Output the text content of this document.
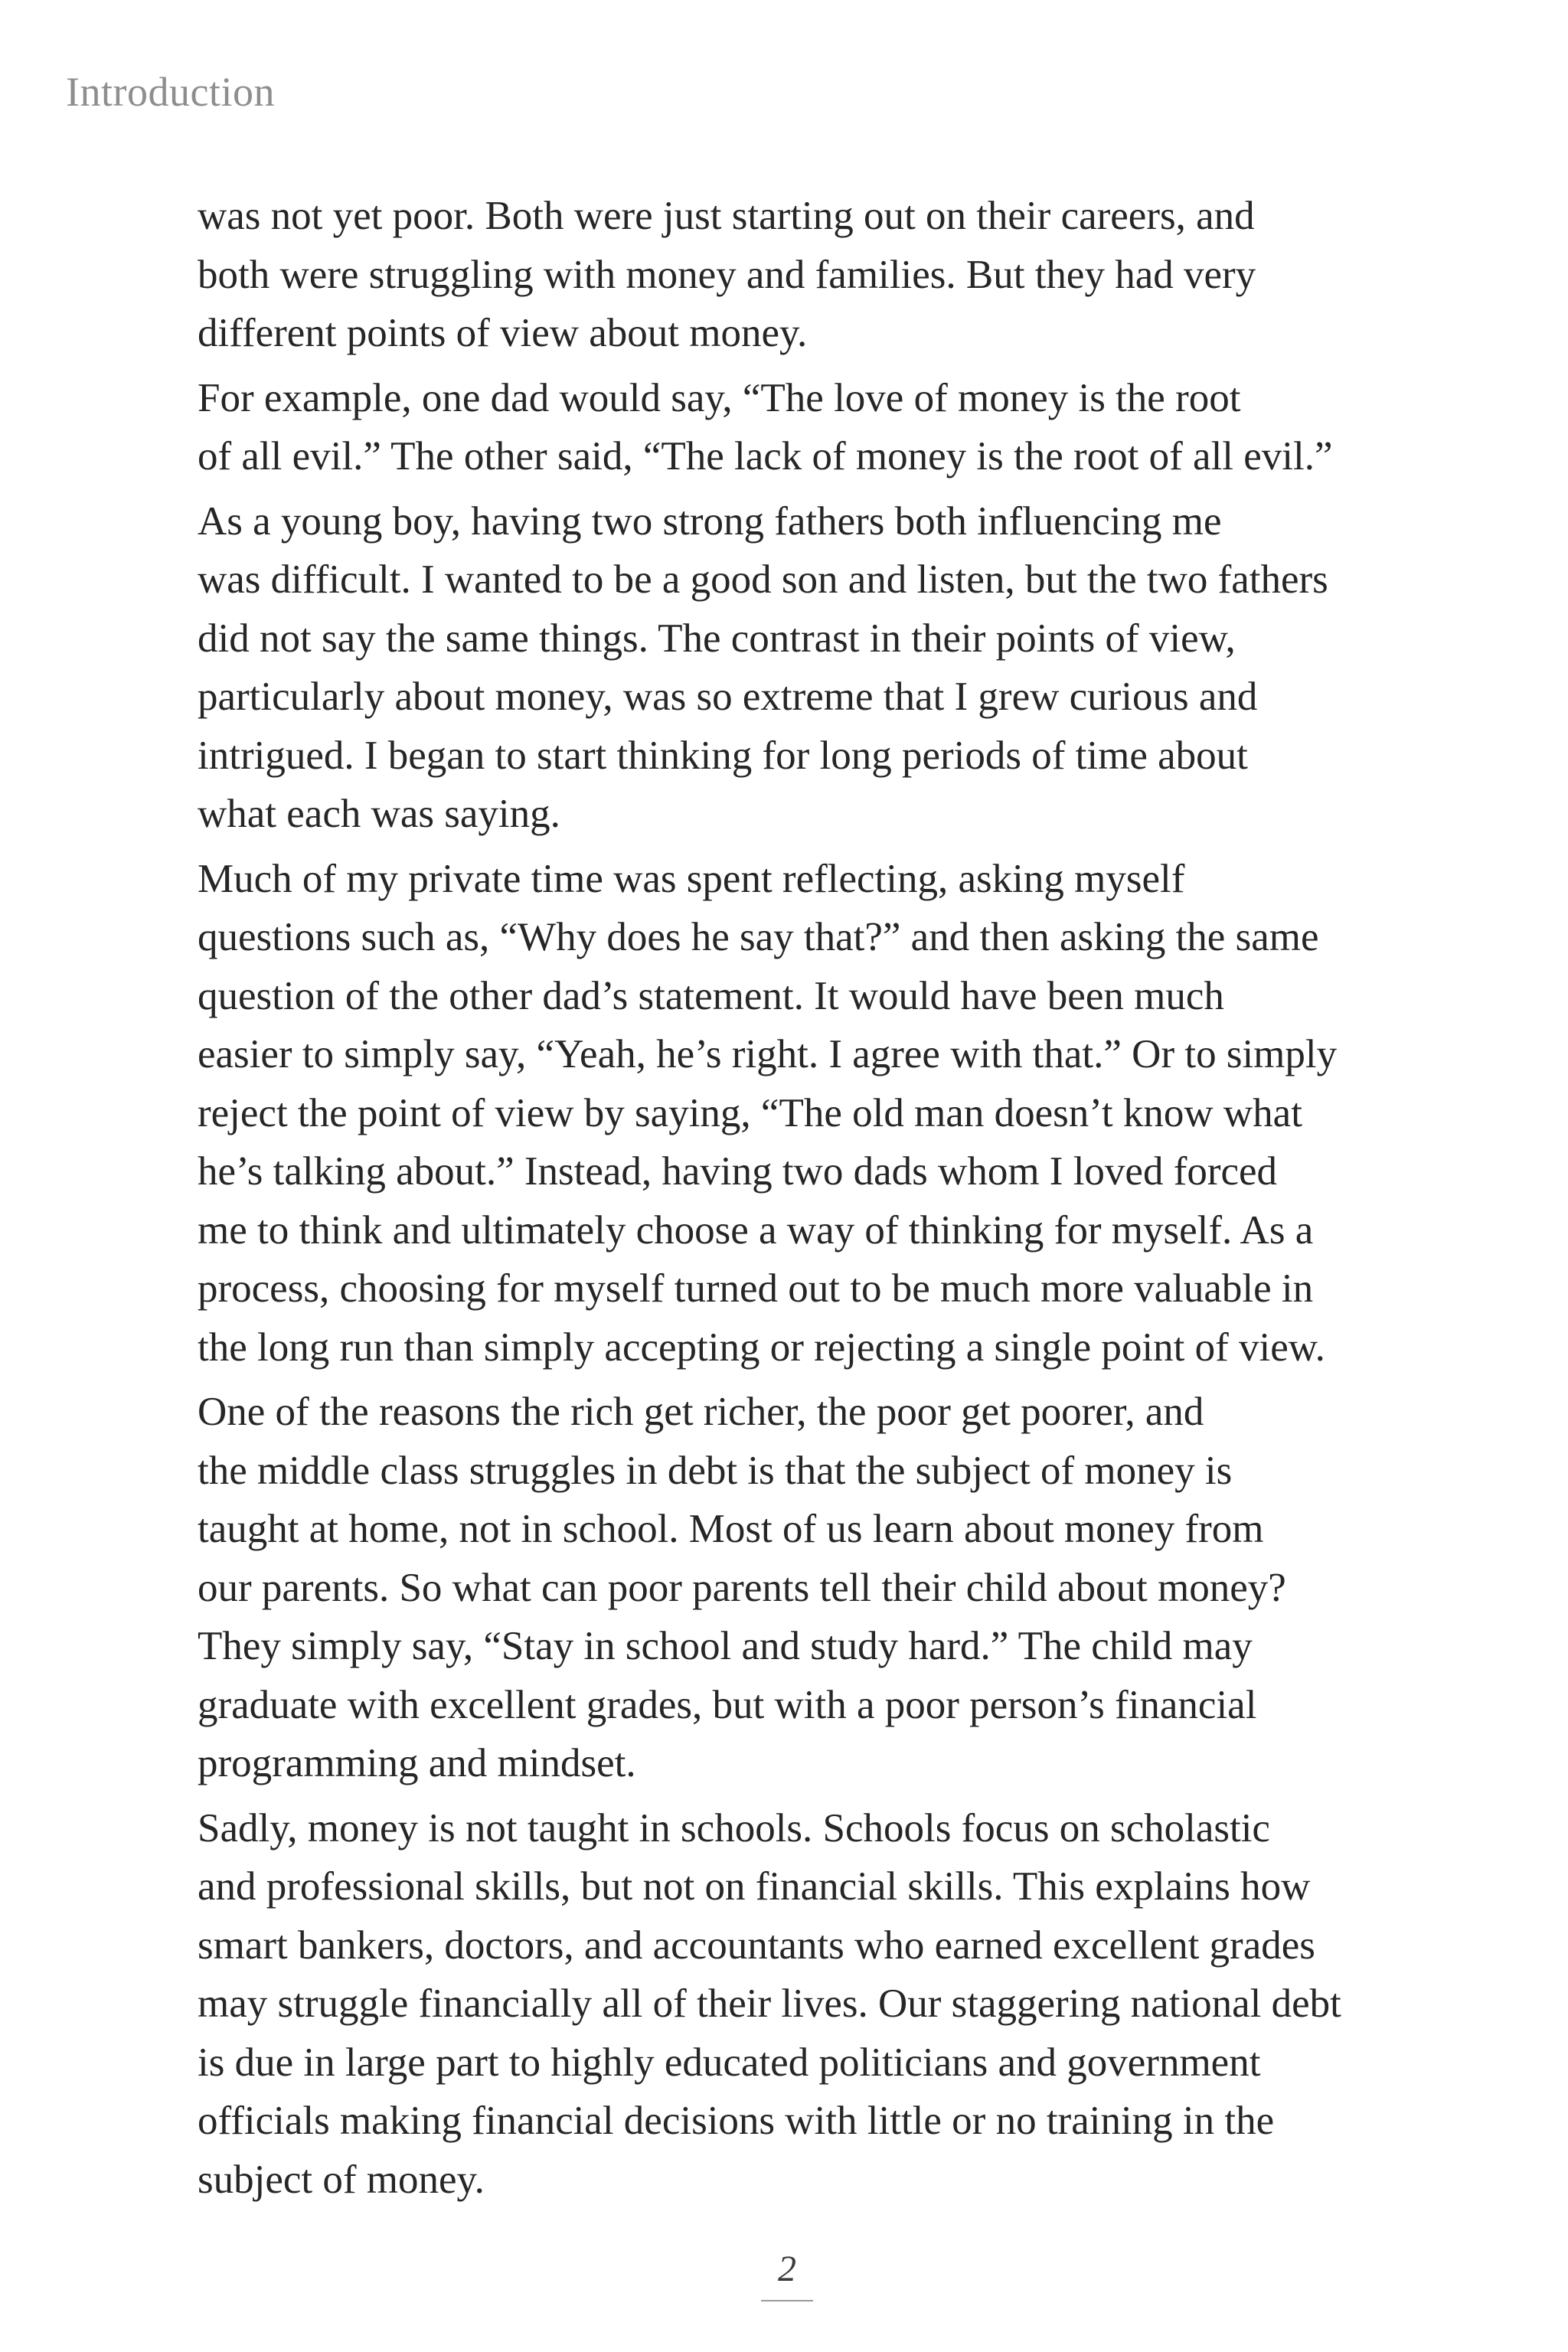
Introduction

was not yet poor. Both were just starting out on their careers, and
both were struggling with money and families. But they had very
different points of view about money.

For example, one dad would say, “The love of money is the root
of all evil.” The other said, “The lack of money is the root of all evil.”

As a young boy, having two strong fathers both influencing me
was difficult. I wanted to be a good son and listen, but the two fathers
did not say the same things. The contrast in their points of view,
particularly about money, was so extreme that I grew curious and
intrigued. I began to start thinking for long periods of time about
what each was saying.

Much of my private time was spent reflecting, asking myself
questions such as, “Why does he say that?” and then asking the same
question of the other dad’s statement. It would have been much
easier to simply say, “Yeah, he’s right. I agree with that.” Or to simply
reject the point of view by saying, “The old man doesn’t know what
he’s talking about.” Instead, having two dads whom I loved forced
me to think and ultimately choose a way of thinking for myself. As a
process, choosing for myself turned out to be much more valuable in
the long run than simply accepting or rejecting a single point of view.

One of the reasons the rich get richer, the poor get poorer, and
the middle class struggles in debt is that the subject of money is
taught at home, not in school. Most of us learn about money from
our parents. So what can poor parents tell their child about money?
They simply say, “Stay in school and study hard.” The child may
graduate with excellent grades, but with a poor person’s financial
programming and mindset.

Sadly, money is not taught in schools. Schools focus on scholastic
and professional skills, but not on financial skills. This explains how
smart bankers, doctors, and accountants who earned excellent grades
may struggle financially all of their lives. Our staggering national debt
is due in large part to highly educated politicians and government
officials making financial decisions with little or no training in the
subject of money.

2
